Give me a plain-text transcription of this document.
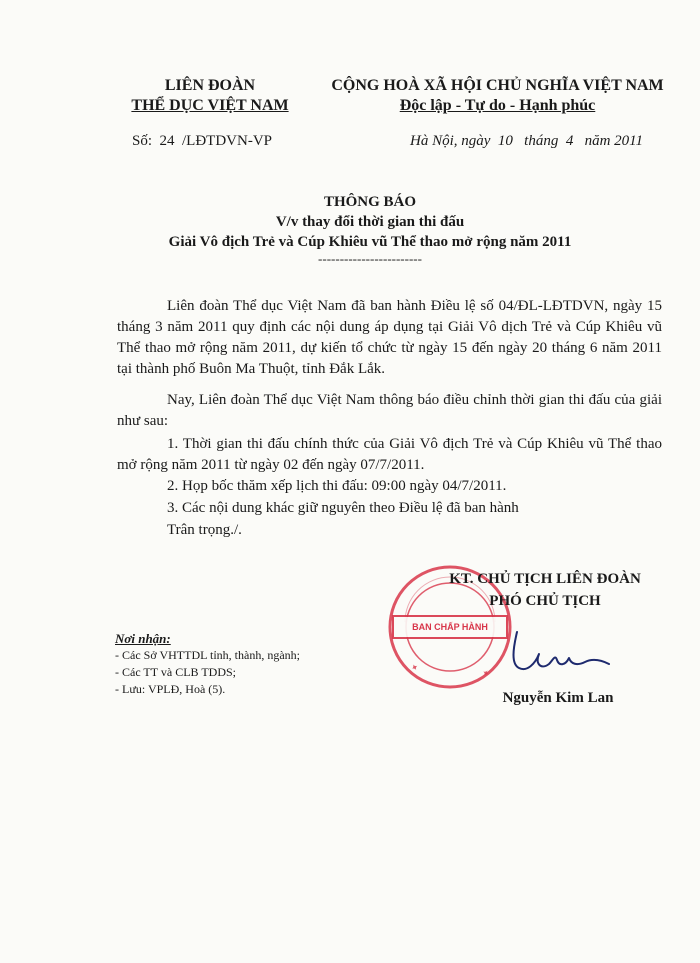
LIÊN ĐOÀN
THỂ DỤC VIỆT NAM
Số:  24  /LĐTDVN-VP
CỘNG HOÀ XÃ HỘI CHỦ NGHĨA VIỆT NAM
Độc lập - Tự do - Hạnh phúc
Hà Nội, ngày  10   tháng  4   năm 2011
THÔNG BÁO
V/v thay đổi thời gian thi đấu
Giải Vô địch Trẻ và Cúp Khiêu vũ Thể thao mở rộng năm 2011
------------------------
Liên đoàn Thể dục Việt Nam đã ban hành Điều lệ số 04/ĐL-LĐTDVN, ngày 15 tháng 3 năm 2011 quy định các nội dung áp dụng tại Giải Vô dịch Trẻ và Cúp Khiêu vũ Thể thao mở rộng năm 2011, dự kiến tổ chức từ ngày 15 đến ngày 20 tháng 6 năm 2011 tại thành phố Buôn Ma Thuột, tỉnh Đắk Lắk.
Nay, Liên đoàn Thể dục Việt Nam thông báo điều chỉnh thời gian thi đấu của giải như sau:
1. Thời gian thi đấu chính thức của Giải Vô địch Trẻ và Cúp Khiêu vũ Thể thao mở rộng năm 2011 từ ngày 02 đến ngày 07/7/2011.
2. Họp bốc thăm xếp lịch thi đấu: 09:00 ngày 04/7/2011.
3. Các nội dung khác giữ nguyên theo Điều lệ đã ban hành
Trân trọng./.
✦	✦
BAN CHẤP HÀNH
KT. CHỦ TỊCH LIÊN ĐOÀN
PHÓ CHỦ TỊCH
Nguyễn Kim Lan
Nơi nhận:
- Các Sở VHTTDL tỉnh, thành, ngành;
- Các TT và CLB TDDS;
- Lưu: VPLĐ, Hoà (5).
